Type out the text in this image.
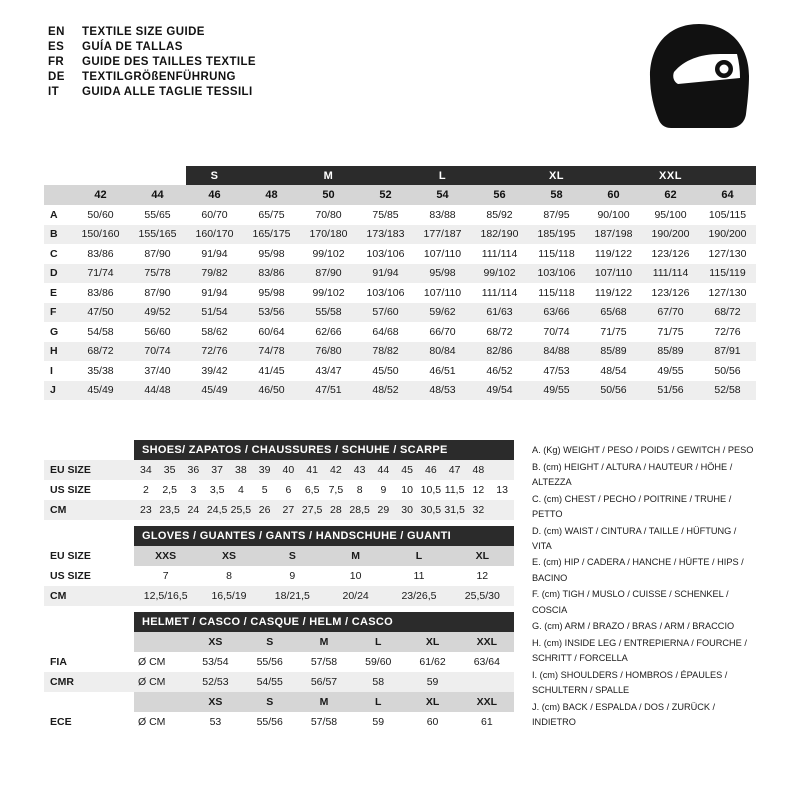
EN	TEXTILE SIZE GUIDE
ES	GUÍA DE TALLAS
FR	GUIDE DES TAILLES TEXTILE
DE	TEXTILGRÖßENFÜHRUNG
IT	GUIDA ALLE TAGLIE TESSILI
			S		M		L		XL		XXL		
	42	44	46	48	50	52	54	56	58	60	62	64	
A	50/60	55/65	60/70	65/75	70/80	75/85	83/88	85/92	87/95	90/100	95/100	105/115	
B	150/160	155/165	160/170	165/175	170/180	173/183	177/187	182/190	185/195	187/198	190/200	190/200	
C	83/86	87/90	91/94	95/98	99/102	103/106	107/110	111/114	115/118	119/122	123/126	127/130	
D	71/74	75/78	79/82	83/86	87/90	91/94	95/98	99/102	103/106	107/110	111/114	115/119	
E	83/86	87/90	91/94	95/98	99/102	103/106	107/110	111/114	115/118	119/122	123/126	127/130	
F	47/50	49/52	51/54	53/56	55/58	57/60	59/62	61/63	63/66	65/68	67/70	68/72	
G	54/58	56/60	58/62	60/64	62/66	64/68	66/70	68/72	70/74	71/75	71/75	72/76	
H	68/72	70/74	72/76	74/78	76/80	78/82	80/84	82/86	84/88	85/89	85/89	87/91	
I	35/38	37/40	39/42	41/45	43/47	45/50	46/51	46/52	47/53	48/54	49/55	50/56	
J	45/49	44/48	45/49	46/50	47/51	48/52	48/53	49/54	49/55	50/56	51/56	52/58	
	SHOES/ ZAPATOS / CHAUSSURES / SCHUHE / SCARPE															
EU SIZE	34	35	36	37	38	39	40	41	42	43	44	45	46	47	48	
US SIZE	2	2,5	3	3,5	4	5	6	6,5	7,5	8	9	10	10,5	11,5	12	13
CM	23	23,5	24	24,5	25,5	26	27	27,5	28	28,5	29	30	30,5	31,5	32	
	GLOVES / GUANTES / GANTS / HANDSCHUHE / GUANTI					
EU SIZE	XXS	XS	S	M	L	XL
US SIZE	7	8	9	10	11	12
CM	12,5/16,5	16,5/19	18/21,5	20/24	23/26,5	25,5/30
	HELMET / CASCO / CASQUE / HELM / CASCO						
		XS	S	M	L	XL	XXL
FIA	Ø CM	53/54	55/56	57/58	59/60	61/62	63/64
CMR	Ø CM	52/53	54/55	56/57	58	59	
		XS	S	M	L	XL	XXL
ECE	Ø CM	53	55/56	57/58	59	60	61
A. (Kg) WEIGHT / PESO / POIDS / GEWITCH / PESO
B. (cm) HEIGHT / ALTURA / HAUTEUR / HÖHE / ALTEZZA
C. (cm) CHEST / PECHO / POITRINE / TRUHE / PETTO
D. (cm) WAIST / CINTURA / TAILLE / HÜFTUNG / VITA
E. (cm) HIP / CADERA / HANCHE / HÜFTE / HIPS / BACINO
F. (cm) TIGH / MUSLO / CUISSE / SCHENKEL / COSCIA
G. (cm) ARM / BRAZO / BRAS / ARM / BRACCIO
H. (cm) INSIDE LEG / ENTREPIERNA / FOURCHE / SCHRITT / FORCELLA
I. (cm) SHOULDERS / HOMBROS / ÉPAULES / SCHULTERN / SPALLE
J. (cm) BACK / ESPALDA / DOS / ZURÜCK / INDIETRO
